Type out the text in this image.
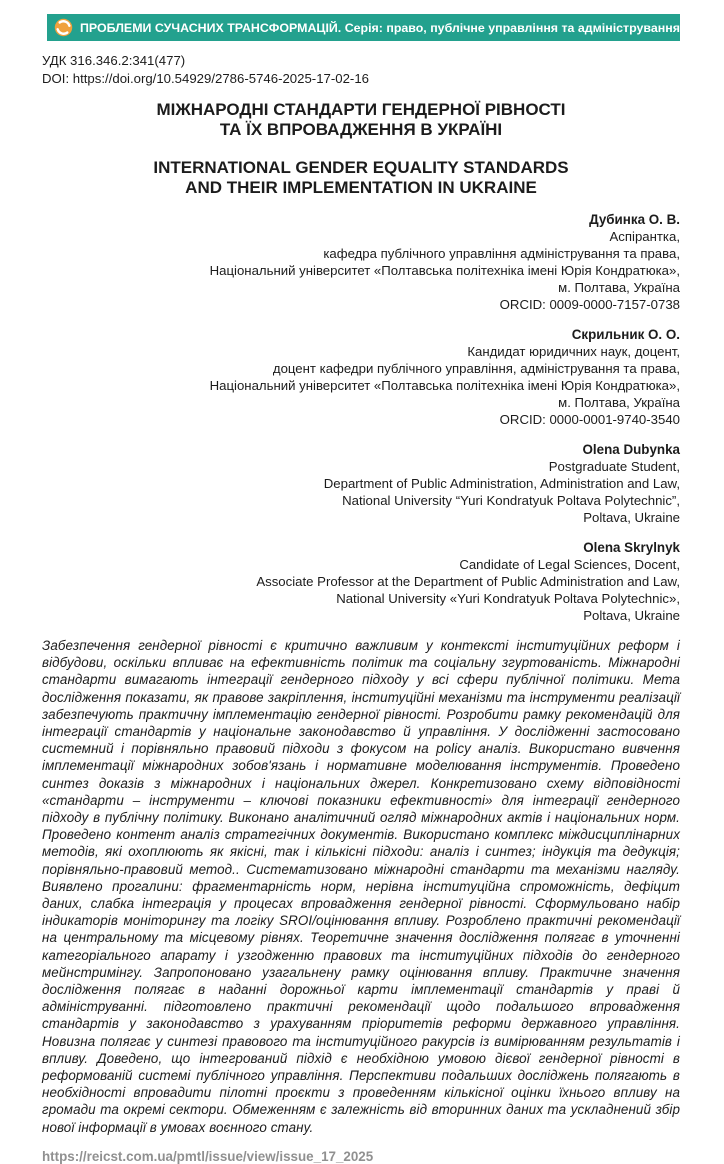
ПРОБЛЕМИ СУЧАСНИХ ТРАНСФОРМАЦІЙ. Серія: право, публічне управління та адміністрування
УДК 316.346.2:341(477)
DOI: https://doi.org/10.54929/2786-5746-2025-17-02-16
МІЖНАРОДНІ СТАНДАРТИ ГЕНДЕРНОЇ РІВНОСТІ
ТА ЇХ ВПРОВАДЖЕННЯ В УКРАЇНІ
INTERNATIONAL GENDER EQUALITY STANDARDS
AND THEIR IMPLEMENTATION IN UKRAINE
Дубинка О. В.
Аспірантка,
кафедра публічного управління адміністрування та права,
Національний університет «Полтавська політехніка імені Юрія Кондратюка»,
м. Полтава, Україна
ORCID: 0009-0000-7157-0738
Скрильник О. О.
Кандидат юридичних наук, доцент,
доцент кафедри публічного управління, адміністрування та права,
Національний університет «Полтавська політехніка імені Юрія Кондратюка»,
м. Полтава, Україна
ORCID: 0000-0001-9740-3540
Olena Dubynka
Postgraduate Student,
Department of Public Administration, Administration and Law,
National University “Yuri Kondratyuk Poltava Polytechnic”,
Poltava, Ukraine
Olena Skrylnyk
Candidate of Legal Sciences, Docent,
Associate Professor at the Department of Public Administration and Law,
National University «Yuri Kondratyuk Poltava Polytechnic»,
Poltava, Ukraine

Забезпечення гендерної рівності є критично важливим у контексті інституційних реформ і відбудови, оскільки впливає на ефективність політик та соціальну згуртованість. Міжнародні стандарти вимагають інтеграції гендерного підходу у всі сфери публічної політики. Мета дослідження показати, як правове закріплення, інституційні механізми та інструменти реалізації забезпечують практичну імплементацію гендерної рівності. Розробити рамку рекомендацій для інтеграції стандартів у національне законодавство й управління. У дослідженні застосовано системний і порівняльно правовий підходи з фокусом на policy аналіз. Використано вивчення імплементації міжнародних зобов'язань і нормативне моделювання інструментів. Проведено синтез доказів з міжнародних і національних джерел. Конкретизовано схему відповідності «стандарти – інструменти – ключові показники ефективності» для інтеграції гендерного підходу в публічну політику. Виконано аналітичний огляд міжнародних актів і національних норм. Проведено контент аналіз стратегічних документів. Використано комплекс міждисциплінарних методів, які охоплюють як якісні, так і кількісні підходи: аналіз і синтез; індукція та дедукція; порівняльно-правовий метод.. Систематизовано міжнародні стандарти та механізми нагляду. Виявлено прогалини: фрагментарність норм, нерівна інституційна спроможність, дефіцит даних, слабка інтеграція у процесах впровадження гендерної рівності. Сформульовано набір індикаторів моніторингу та логіку SROI/оцінювання впливу. Розроблено практичні рекомендації на центральному та місцевому рівнях. Теоретичне значення дослідження полягає в уточненні категоріального апарату і узгодженню правових та інституційних підходів до гендерного мейнстримінгу. Запропоновано узагальнену рамку оцінювання впливу. Практичне значення дослідження полягає в наданні дорожньої карти імплементації стандартів у праві й адмініструванні. підготовлено практичні рекомендації щодо подальшого впровадження стандартів у законодавство з урахуванням пріоритетів реформи державного управління. Новизна полягає у синтезі правового та інституційного ракурсів із вимірюванням результатів і впливу. Доведено, що інтегрований підхід є необхідною умовою дієвої гендерної рівності в реформованій системі публічного управління. Перспективи подальших досліджень полягають в необхідності впровадити пілотні проєкти з проведенням кількісної оцінки їхнього впливу на громади та окремі сектори. Обмеженням є залежність від вторинних даних та ускладнений збір нової інформації в умовах воєнного стану.

https://reicst.com.ua/pmtl/issue/view/issue_17_2025
